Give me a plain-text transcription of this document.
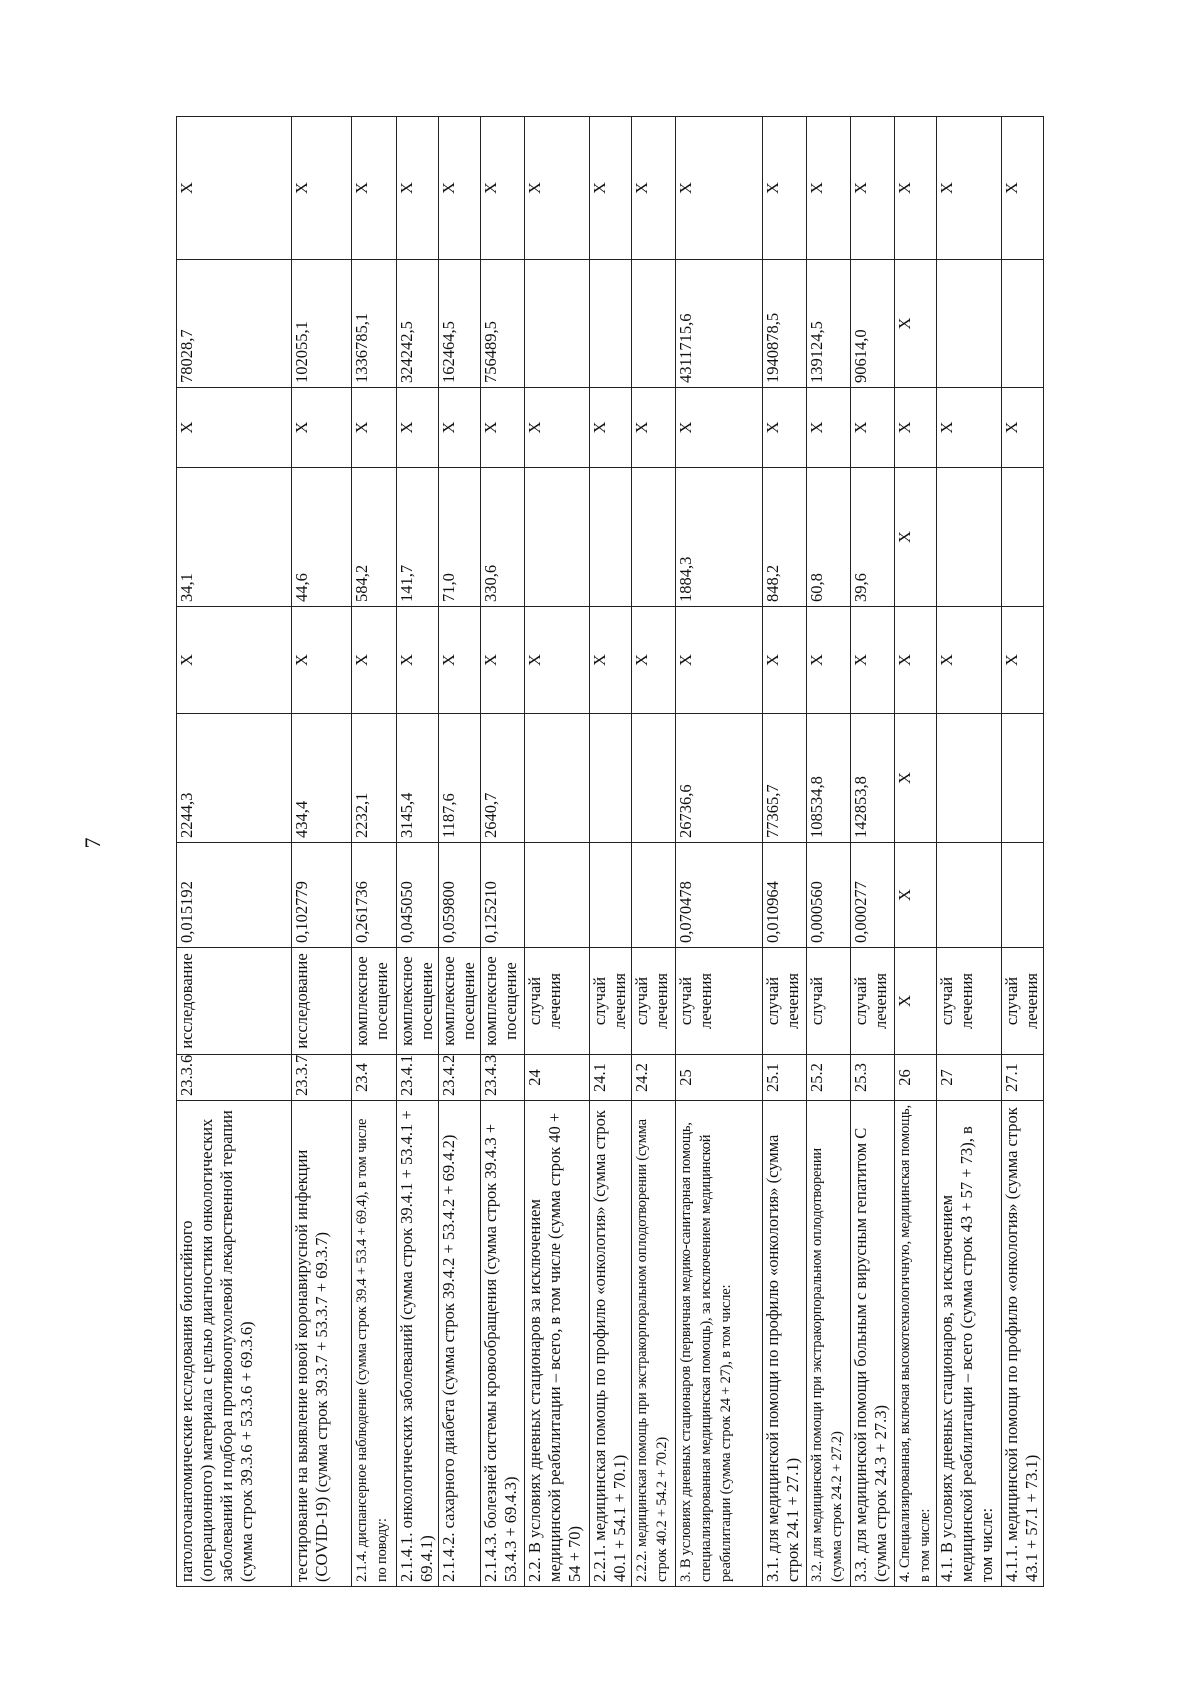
7
патологоанатомические исследования биопсийного (операционного) материала с целью диагностики онкологических заболеваний и подбора противоопухолевой лекарственной терапии (сумма строк 39.3.6 + 53.3.6 + 69.3.6)	23.3.6	исследование	0,015192	2244,3	X	34,1	X	78028,7	X
тестирование на выявление новой коронавирусной инфекции (COVID-19) (сумма строк 39.3.7 + 53.3.7 + 69.3.7)	23.3.7	исследование	0,102779	434,4	X	44,6	X	102055,1	X
2.1.4. диспансерное наблюдение (сумма строк 39.4 + 53.4 + 69.4), в том числе по поводу:	23.4	комплексное посещение	0,261736	2232,1	X	584,2	X	1336785,1	X
2.1.4.1. онкологических заболеваний (сумма строк 39.4.1 + 53.4.1 + 69.4.1)	23.4.1	комплексное посещение	0,045050	3145,4	X	141,7	X	324242,5	X
2.1.4.2. сахарного диабета (сумма строк 39.4.2 + 53.4.2 + 69.4.2)	23.4.2	комплексное посещение	0,059800	1187,6	X	71,0	X	162464,5	X
2.1.4.3. болезней системы кровообращения (сумма строк 39.4.3 + 53.4.3 + 69.4.3)	23.4.3	комплексное посещение	0,125210	2640,7	X	330,6	X	756489,5	X
2.2. В условиях дневных стационаров за исключением медицинской реабилитации – всего, в том числе (сумма строк 40 + 54 + 70)	24	случай лечения			X		X		X
2.2.1. медицинская помощь по профилю «онкология» (сумма строк 40.1 + 54.1 + 70.1)	24.1	случай лечения			X		X		X
2.2.2. медицинская помощь при экстракорпоральном оплодотворении (сумма строк 40.2 + 54.2 + 70.2)	24.2	случай лечения			X		X		X
3. В условиях дневных стационаров (первичная медико-санитарная помощь, специализированная медицинская помощь), за исключением медицинской реабилитации (сумма строк 24 + 27), в том числе:	25	случай лечения	0,070478	26736,6	X	1884,3	X	4311715,6	X
3.1. для медицинской помощи по профилю «онкология» (сумма строк 24.1 + 27.1)	25.1	случай лечения	0,010964	77365,7	X	848,2	X	1940878,5	X
3.2. для медицинской помощи при экстракорпоральном оплодотворении (сумма строк 24.2 + 27.2)	25.2	случай	0,000560	108534,8	X	60,8	X	139124,5	X
3.3. для медицинской помощи больным с вирусным гепатитом С (сумма строк 24.3 + 27.3)	25.3	случай лечения	0,000277	142853,8	X	39,6	X	90614,0	X
4. Специализированная, включая высокотехнологичную, медицинская помощь, в том числе:	26	X	X	X	X	X	X	X	X
4.1. В условиях дневных стационаров, за исключением медицинской реабилитации – всего (сумма строк 43 + 57 + 73), в том числе:	27	случай лечения			X		X		X
4.1.1. медицинской помощи по профилю «онкология» (сумма строк 43.1 + 57.1 + 73.1)	27.1	случай лечения			X		X		X
